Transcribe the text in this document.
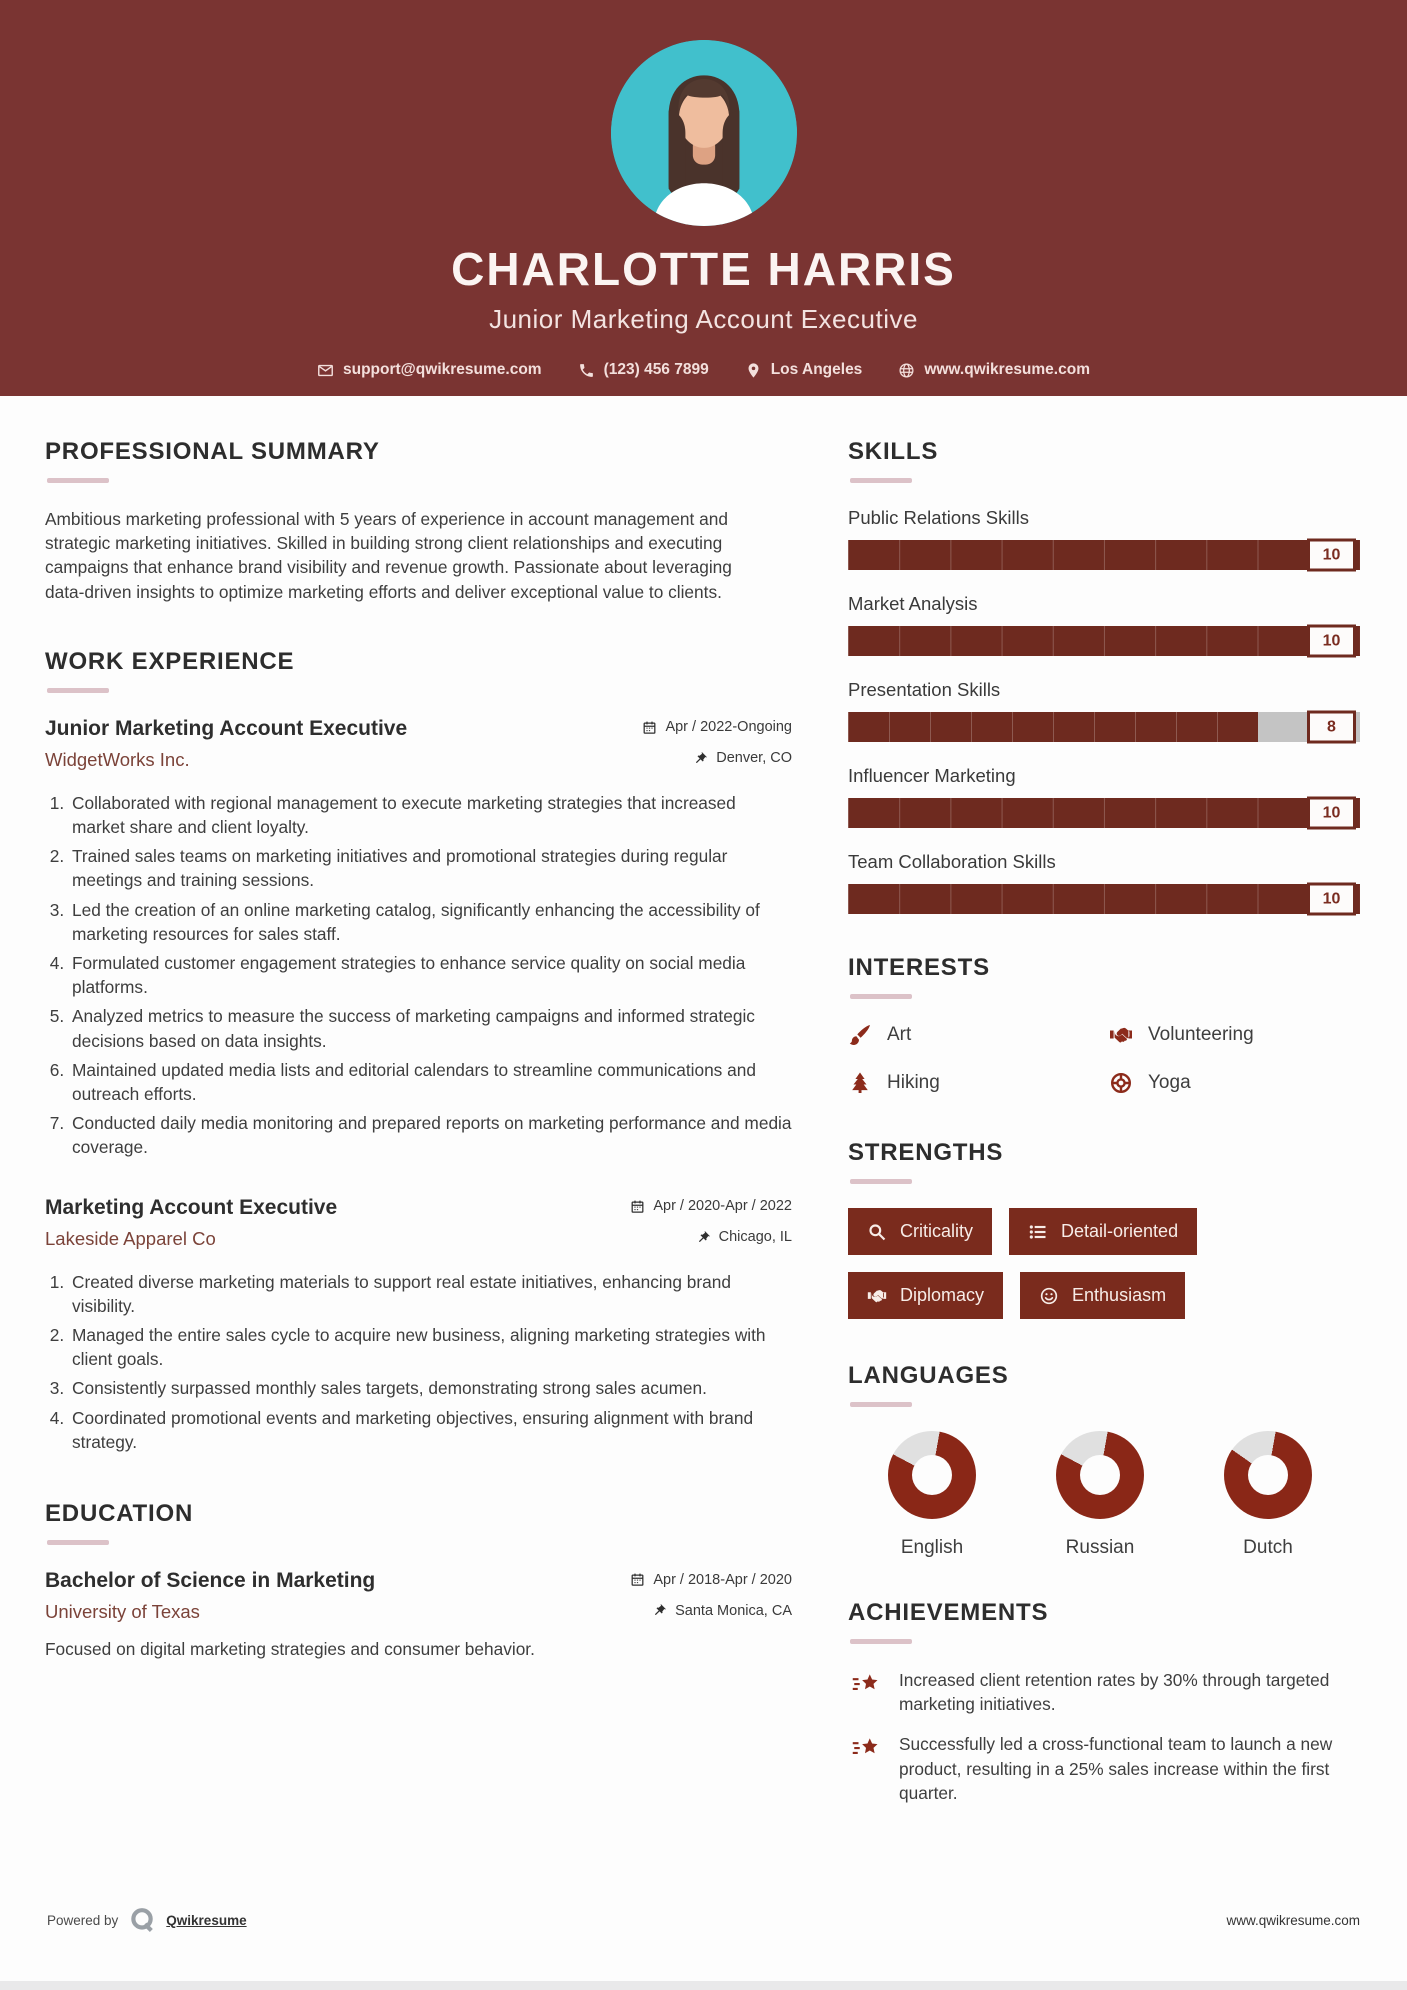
CHARLOTTE HARRIS
Junior Marketing Account Executive
support@qwikresume.com	(123) 456 7899	Los Angeles	www.qwikresume.com
PROFESSIONAL SUMMARY

Ambitious marketing professional with 5 years of experience in account management and strategic marketing initiatives. Skilled in building strong client relationships and executing campaigns that enhance brand visibility and revenue growth. Passionate about leveraging data-driven insights to optimize marketing efforts and deliver exceptional value to clients.

WORK EXPERIENCE
Junior Marketing Account Executive	Apr / 2022-Ongoing
WidgetWorks Inc.	Denver, CO
1. Collaborated with regional management to execute marketing strategies that increased market share and client loyalty.
2. Trained sales teams on marketing initiatives and promotional strategies during regular meetings and training sessions.
3. Led the creation of an online marketing catalog, significantly enhancing the accessibility of marketing resources for sales staff.
4. Formulated customer engagement strategies to enhance service quality on social media platforms.
5. Analyzed metrics to measure the success of marketing campaigns and informed strategic decisions based on data insights.
6. Maintained updated media lists and editorial calendars to streamline communications and outreach efforts.
7. Conducted daily media monitoring and prepared reports on marketing performance and media coverage.
Marketing Account Executive	Apr / 2020-Apr / 2022
Lakeside Apparel Co	Chicago, IL
1. Created diverse marketing materials to support real estate initiatives, enhancing brand visibility.
2. Managed the entire sales cycle to acquire new business, aligning marketing strategies with client goals.
3. Consistently surpassed monthly sales targets, demonstrating strong sales acumen.
4. Coordinated promotional events and marketing objectives, ensuring alignment with brand strategy.
EDUCATION
Bachelor of Science in Marketing	Apr / 2018-Apr / 2020
University of Texas	Santa Monica, CA

Focused on digital marketing strategies and consumer behavior.

SKILLS
Public Relations Skills
10
Market Analysis
10
Presentation Skills
8
Influencer Marketing
10
Team Collaboration Skills
10
INTERESTS
Art	Volunteering
Hiking	Yoga
STRENGTHS
Criticality	Detail-oriented
Diplomacy	Enthusiasm
LANGUAGES
English	Russian	Dutch
ACHIEVEMENTS

Increased client retention rates by 30% through targeted marketing initiatives.

Successfully led a cross-functional team to launch a new product, resulting in a 25% sales increase within the first quarter.

Powered by	Qwikresume	www.qwikresume.com
